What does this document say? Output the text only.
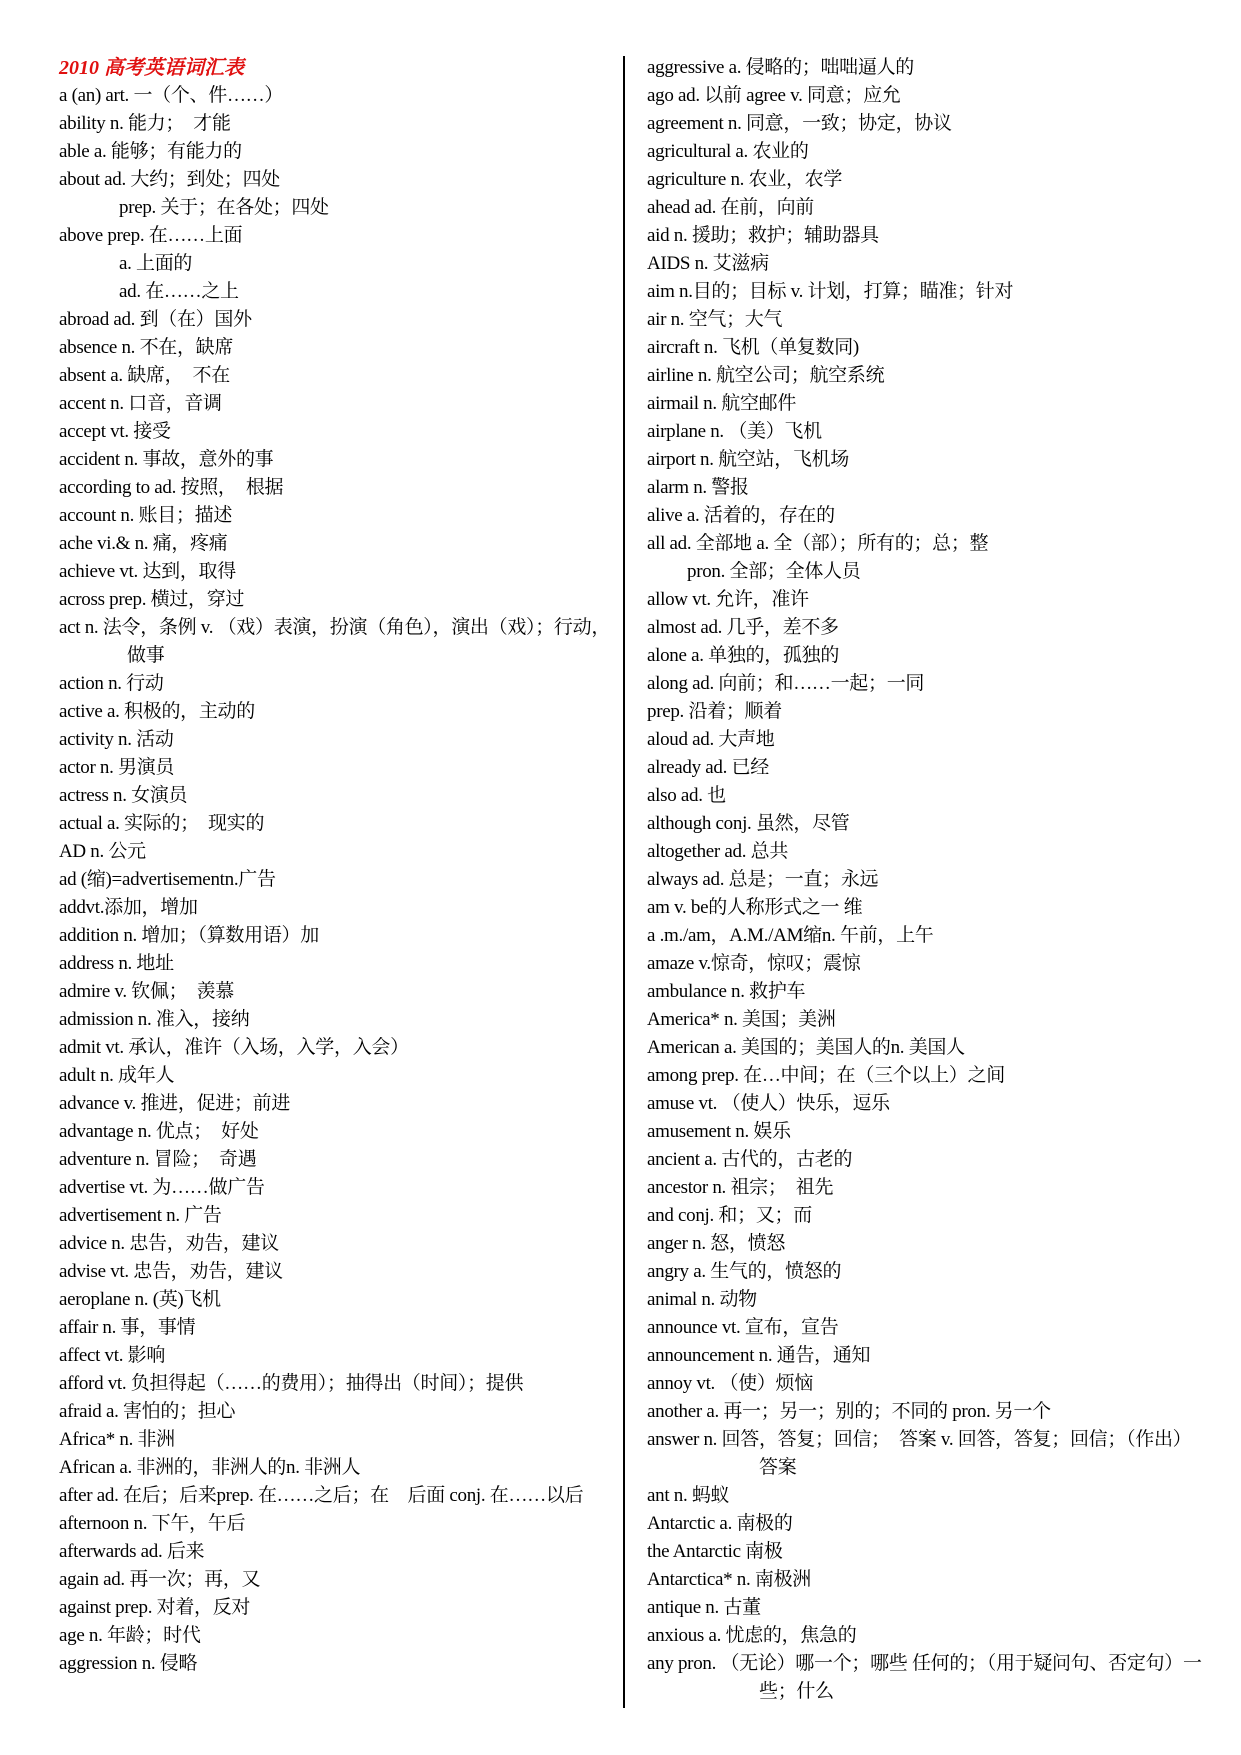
2010 高考英语词汇表
a (an) art. 一（个、件……）
ability n. 能力；　才能
able a. 能够；有能力的
about ad. 大约；到处；四处
prep. 关于；在各处；四处
above prep. 在……上面
a. 上面的
ad. 在……之上
abroad ad. 到（在）国外
absence n. 不在，缺席
absent a. 缺席，　不在
accent n. 口音，音调
accept vt. 接受
accident n. 事故，意外的事
according to ad. 按照，　根据
account n. 账目；描述
ache vi.& n. 痛，疼痛
achieve vt. 达到，取得
across prep. 横过，穿过
act n. 法令，条例 v. （戏）表演，扮演（角色），演出（戏）；行动，做事
action n. 行动
active a. 积极的，主动的
activity n. 活动
actor n. 男演员
actress n. 女演员
actual a. 实际的；　现实的
AD n. 公元
ad (缩)=advertisementn.广告
addvt.添加，增加
addition n. 增加；（算数用语）加
address n. 地址
admire v. 钦佩；　羡慕
admission n. 准入，接纳
admit vt. 承认，准许（入场，入学，入会）
adult n. 成年人
advance v. 推进，促进；前进
advantage n. 优点；　好处
adventure n. 冒险；　奇遇
advertise vt. 为……做广告
advertisement n. 广告
advice n. 忠告，劝告，建议
advise vt. 忠告，劝告，建议
aeroplane n. (英)飞机
affair n. 事，事情
affect vt. 影响
afford vt. 负担得起（……的费用）；抽得出（时间）；提供
afraid a. 害怕的；担心
Africa* n. 非洲
African a. 非洲的，非洲人的n. 非洲人
after ad. 在后；后来prep. 在……之后；在　后面 conj. 在……以后 afternoon n. 下午，午后
afterwards ad. 后来
again ad. 再一次；再，又
against prep. 对着，反对
age n. 年龄；时代
aggression n. 侵略
aggressive a. 侵略的；咄咄逼人的
ago ad. 以前 agree v. 同意；应允
agreement n. 同意，一致；协定，协议
agricultural a. 农业的
agriculture n. 农业，农学
ahead ad. 在前，向前
aid n. 援助；救护；辅助器具
AIDS n. 艾滋病
aim n.目的；目标 v. 计划，打算；瞄准；针对
air n. 空气；大气
aircraft n. 飞机（单复数同)
airline n. 航空公司；航空系统
airmail n. 航空邮件
airplane n. （美）飞机
airport n. 航空站，飞机场
alarm n. 警报
alive a. 活着的，存在的
all ad. 全部地 a. 全（部）；所有的；总；整
pron. 全部；全体人员
allow vt. 允许，准许
almost ad. 几乎，差不多
alone a. 单独的，孤独的
along ad. 向前；和……一起；一同
prep. 沿着；顺着
aloud ad. 大声地
already ad. 已经
also ad. 也
although conj. 虽然，尽管
altogether ad. 总共
always ad. 总是；一直；永远
am v. be的人称形式之一 维
a .m./am，A.M./AM缩n. 午前，上午
amaze v.惊奇，惊叹；震惊
ambulance n. 救护车
America* n. 美国；美洲
American a. 美国的；美国人的n. 美国人
among prep. 在…中间；在（三个以上）之间
amuse vt. （使人）快乐，逗乐
amusement n. 娱乐
ancient a. 古代的，古老的
ancestor n. 祖宗；　祖先
and conj. 和；又；而
anger n. 怒，愤怒
angry a. 生气的，愤怒的
animal n. 动物
announce vt. 宣布，宣告
announcement n. 通告，通知
annoy vt. （使）烦恼
another a. 再一；另一；别的；不同的 pron. 另一个
answer n. 回答，答复；回信；　答案 v. 回答，答复；回信；（作出）答案
ant n. 蚂蚁
Antarctic a. 南极的
the Antarctic 南极
Antarctica* n. 南极洲
antique n. 古董
anxious a. 忧虑的，焦急的
any pron. （无论）哪一个；哪些 任何的；（用于疑问句、否定句）一些；什么
